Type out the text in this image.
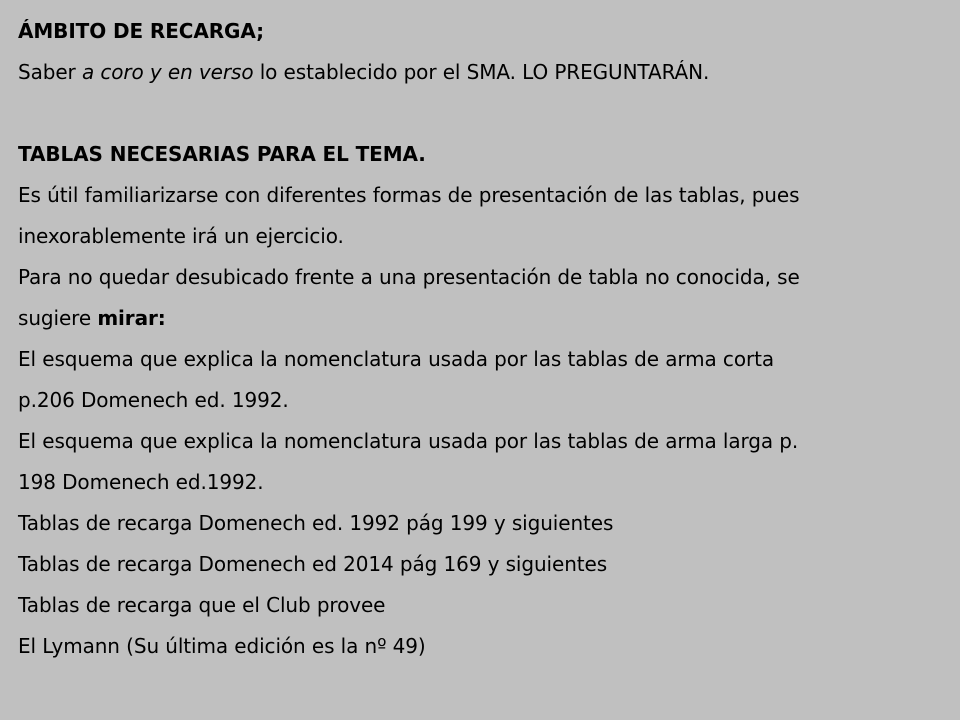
ÁMBITO DE RECARGA;
Saber a coro y en verso lo establecido por el SMA. LO PREGUNTARÁN.
TABLAS NECESARIAS PARA EL TEMA.
Es útil familiarizarse con diferentes formas de presentación de las tablas, pues
inexorablemente irá un ejercicio.
Para no quedar desubicado frente a una presentación de tabla no conocida, se
sugiere mirar:
El esquema que explica la nomenclatura usada por las tablas de arma corta
p.206 Domenech ed. 1992.
El esquema que explica la nomenclatura usada por las tablas de arma larga p.
198 Domenech ed.1992.
Tablas de recarga Domenech ed. 1992 pág 199 y siguientes
Tablas de recarga Domenech ed 2014 pág 169 y siguientes
Tablas de recarga que el Club provee
El Lymann (Su última edición es la nº 49)
